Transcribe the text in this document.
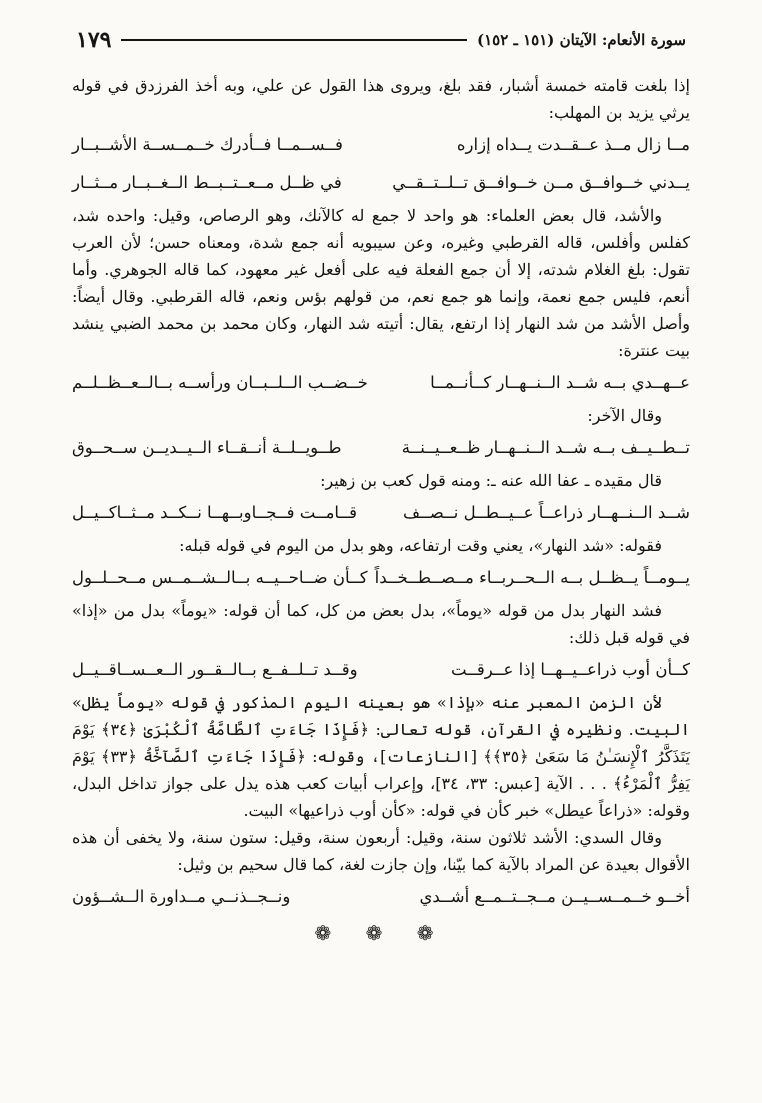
سورة الأنعام: الآيتان (١٥١ ـ ١٥٢)
١٧٩

إذا بلغت قامته خمسة أشبار، فقد بلغ، ويروى هذا القول عن علي، وبه أخذ الفرزدق في قوله يرثي يزيد بن المهلب:

مــا زال مــذ عــقــدت يــداه إزاره
فــســمــا فــأدرك خــمــســة الأشــبــار
يــدني خــوافــق مــن خــوافــق تــلــتــقــي
في ظــل مــعــتــبــط الــغــبــار مــثــار

والأشد، قال بعض العلماء: هو واحد لا جمع له كالآنك، وهو الرصاص، وقيل: واحده شد، كفلس وأفلس، قاله القرطبي وغيره، وعن سيبويه أنه جمع شدة، ومعناه حسن؛ لأن العرب تقول: بلغ الغلام شدته، إلا أن جمع الفعلة فيه على أفعل غير معهود، كما قاله الجوهري. وأما أنعم، فليس جمع نعمة، وإنما هو جمع نعم، من قولهم بؤس ونعم، قاله القرطبي. وقال أيضاً: وأصل الأشد من شد النهار إذا ارتفع، يقال: أتيته شد النهار، وكان محمد بن محمد الضبي ينشد بيت عنترة:

عــهــدي بــه شــد الــنــهــار كــأنــمــا
خــضــب الــلــبــان ورأســه بــالــعــظــلــم

وقال الآخر:

تــطــيــف بــه شــد الــنــهــار ظــعــيــنــة
طــويــلــة أنــقــاء الــيــديــن ســحــوق

قال مقيده ـ عفا الله عنه ـ: ومنه قول كعب بن زهير:

شــد الــنــهــار ذراعــاً عــيــطــل نــصــف
قــامــت فــجــاوبــهــا نــكــد مــثــاكــيــل

فقوله: «شد النهار»، يعني وقت ارتفاعه، وهو بدل من اليوم في قوله قبله:

يــومــاً يــظــل بــه الــحــربــاء مــصــطــخــداً
كــأن ضــاحــيــه بــالــشــمــس مــحــلــول

فشد النهار بدل من قوله «يوماً»، بدل بعض من كل، كما أن قوله: «يوماً» بدل من «إذا» في قوله قبل ذلك:

كــأن أوب ذراعــيــهــا إذا عــرقــت
وقــد تــلــفــع بــالــقــور الــعــســاقــيــل

لأن الزمن المعبر عنه «بإذا» هو بعينه اليوم المذكور في قوله «يوماً يظل» البيت. ونظيره في القرآن، قوله تعالى: ﴿فَإِذَا جَاءَتِ ٱلطَّامَّةُ ٱلْكُبْرَىٰ ﴿٣٤﴾ يَوْمَ يَتَذَكَّرُ ٱلْإِنسَـٰنُ مَا سَعَىٰ ﴿٣٥﴾﴾ [النازعات]، وقوله: ﴿فَإِذَا جَاءَتِ ٱلصَّآخَّةُ ﴿٣٣﴾ يَوْمَ يَفِرُّ ٱلْمَرْءُ﴾ . . . الآية [عبس: ٣٣، ٣٤]، وإعراب أبيات كعب هذه يدل على جواز تداخل البدل، وقوله: «ذراعاً عيطل» خبر كأن في قوله: «كأن أوب ذراعيها» البيت.

وقال السدي: الأشد ثلاثون سنة، وقيل: أربعون سنة، وقيل: ستون سنة، ولا يخفى أن هذه الأقوال بعيدة عن المراد بالآية كما بيّنا، وإن جازت لغة، كما قال سحيم بن وثيل:

أخــو خــمــســيــن مــجــتــمــع أشــدي
ونــجــذنــي مــداورة الــشــؤون
❁ ❁ ❁
